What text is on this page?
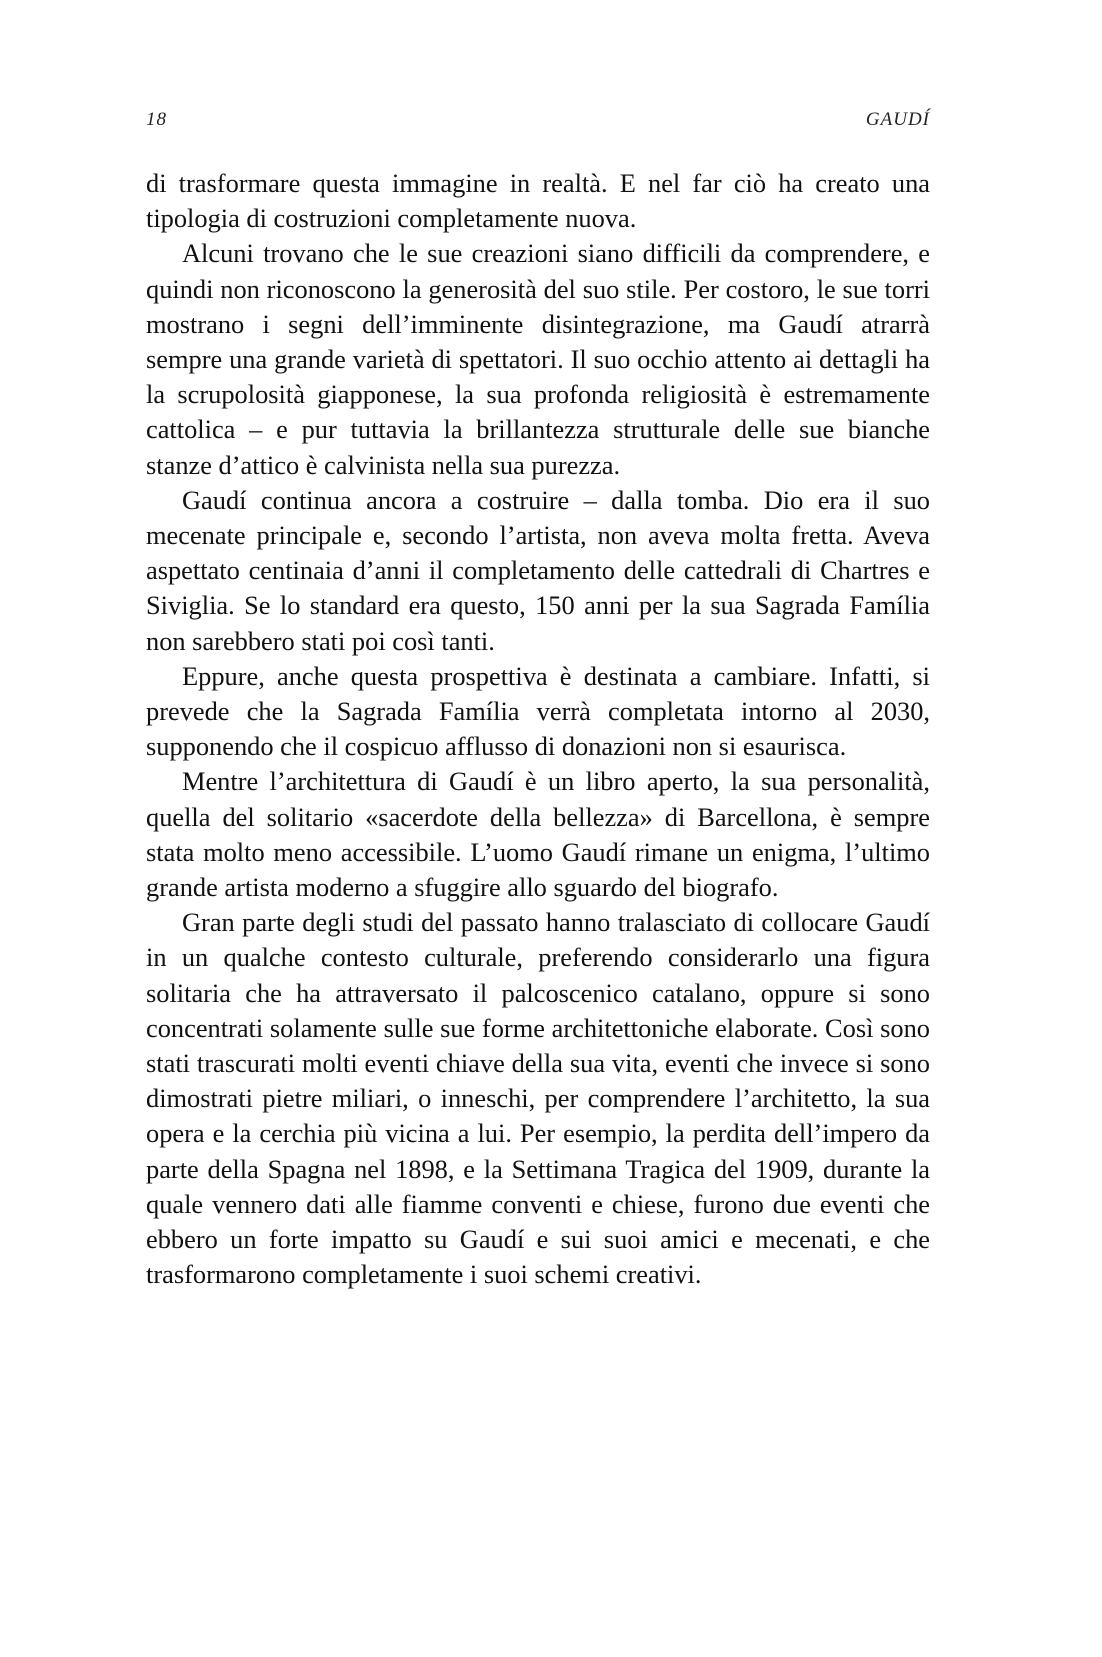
18	GAUDÍ

di trasformare questa immagine in realtà. E nel far ciò ha creato una tipologia di costruzioni completamente nuova.

Alcuni trovano che le sue creazioni siano difficili da comprendere, e quindi non riconoscono la generosità del suo stile. Per costoro, le sue torri mostrano i segni dell’imminente disintegrazione, ma Gaudí atrarrà sempre una grande varietà di spettatori. Il suo occhio attento ai dettagli ha la scrupolosità giapponese, la sua profonda religiosità è estremamente cattolica – e pur tuttavia la brillantezza strutturale delle sue bianche stanze d’attico è calvinista nella sua purezza.

Gaudí continua ancora a costruire – dalla tomba. Dio era il suo mecenate principale e, secondo l’artista, non aveva molta fretta. Aveva aspettato centinaia d’anni il completamento delle cattedrali di Chartres e Siviglia. Se lo standard era questo, 150 anni per la sua Sagrada Família non sarebbero stati poi così tanti.

Eppure, anche questa prospettiva è destinata a cambiare. Infatti, si prevede che la Sagrada Família verrà completata intorno al 2030, supponendo che il cospicuo afflusso di donazioni non si esaurisca.

Mentre l’architettura di Gaudí è un libro aperto, la sua personalità, quella del solitario «sacerdote della bellezza» di Barcellona, è sempre stata molto meno accessibile. L’uomo Gaudí rimane un enigma, l’ultimo grande artista moderno a sfuggire allo sguardo del biografo.

Gran parte degli studi del passato hanno tralasciato di collocare Gaudí in un qualche contesto culturale, preferendo considerarlo una figura solitaria che ha attraversato il palcoscenico catalano, oppure si sono concentrati solamente sulle sue forme architettoniche elaborate. Così sono stati trascurati molti eventi chiave della sua vita, eventi che invece si sono dimostrati pietre miliari, o inneschi, per comprendere l’architetto, la sua opera e la cerchia più vicina a lui. Per esempio, la perdita dell’impero da parte della Spagna nel 1898, e la Settimana Tragica del 1909, durante la quale vennero dati alle fiamme conventi e chiese, furono due eventi che ebbero un forte impatto su Gaudí e sui suoi amici e mecenati, e che trasformarono completamente i suoi schemi creativi.
